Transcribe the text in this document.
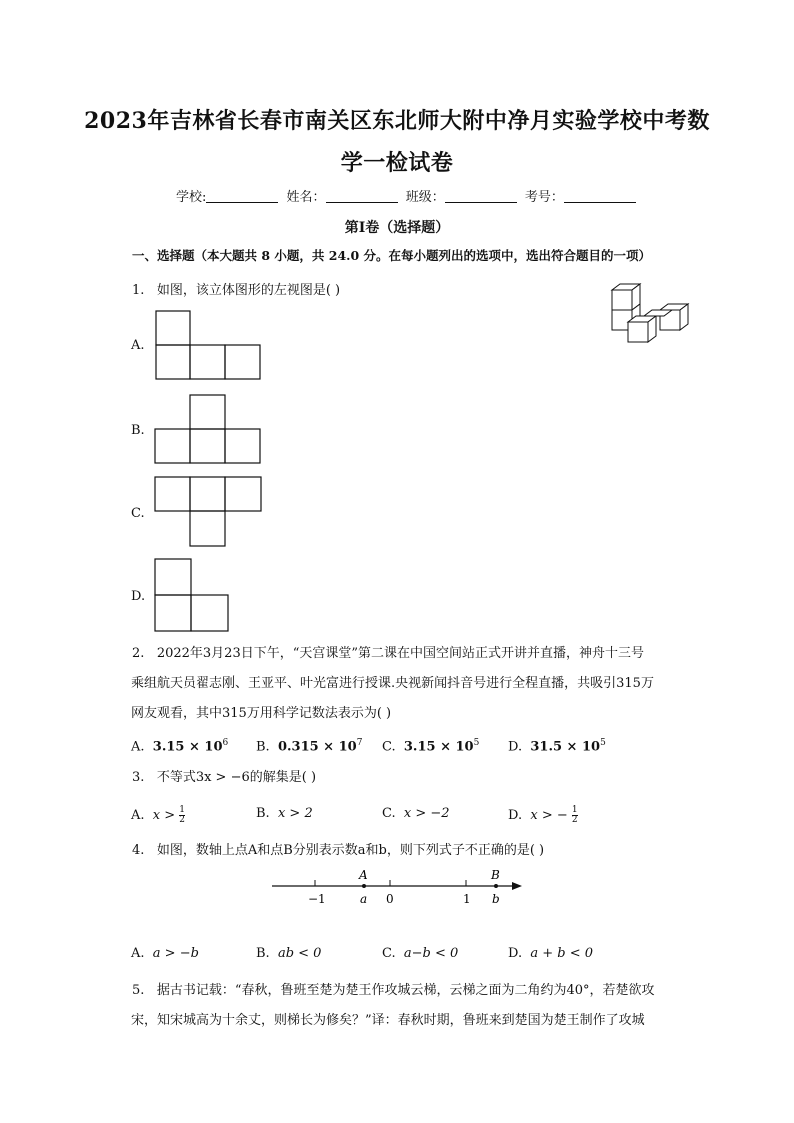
2023年吉林省长春市南关区东北师大附中净月实验学校中考数
学一检试卷
学校:	姓名：	班级：	考号：
第I卷（选择题）
一、选择题（本大题共 8 小题，共 24.0 分。在每小题列出的选项中，选出符合题目的一项）
1. 如图，该立体图形的左视图是( )
A.
B.
C.
D.
2. 2022年3月23日下午，“天宫课堂”第二课在中国空间站正式开讲并直播，神舟十三号
乘组航天员翟志刚、王亚平、叶光富进行授课.央视新闻抖音号进行全程直播，共吸引315万
网友观看，其中315万用科学记数法表示为( )
A. $3.15 \times 10^6$ B. $0.315 \times 10^7$ C. $3.15 \times 10^5$ D. $31.5 \times 10^5$
3. 不等式3x > −6的解集是( )
A. $x > \frac{1}{2}$	B. x > 2	C. x > −2	D. x > − $\frac{1}{2}$
4. 如图，数轴上点A和点B分别表示数a和b，则下列式子不正确的是( )
A	B
−1	a 0	1 b
A. a > −b	B. ab < 0	C. a−b < 0	D. a + b < 0
5. 据古书记载：“春秋，鲁班至楚为楚王作攻城云梯，云梯之面为二角约为40°，若楚欲攻
宋，知宋城高为十余丈，则梯长为修矣？”译：春秋时期，鲁班来到楚国为楚王制作了攻城
